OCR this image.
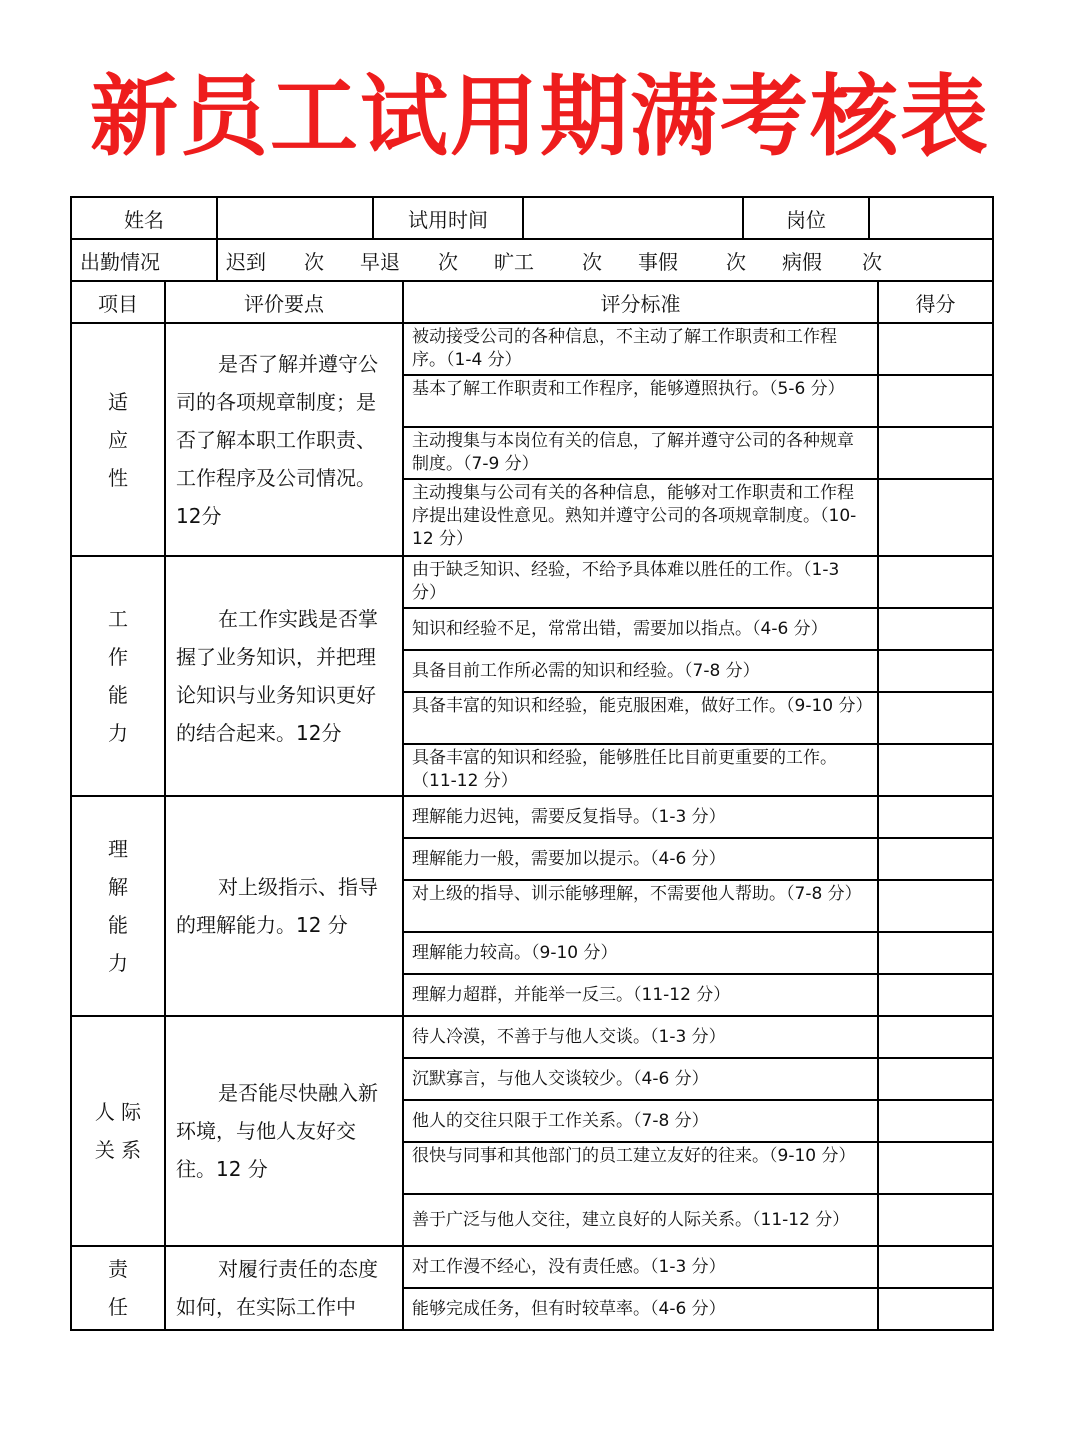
新员工试用期满考核表
姓名		试用时间		岗位	
出勤情况	迟到 次 早退 次 旷工 次 事假 次 病假 次				
项目	评价要点	评分标准	得分

适
应
性	是否了解并遵守公司的各项规章制度；是否了解本职工作职责、工作程序及公司情况。12分	被动接受公司的各种信息，不主动了解工作职责和工作程序。（1-4 分）	
		基本了解工作职责和工作程序，能够遵照执行。（5-6 分）	
		主动搜集与本岗位有关的信息，了解并遵守公司的各种规章制度。（7-9 分）	
		主动搜集与公司有关的各种信息，能够对工作职责和工作程序提出建设性意见。熟知并遵守公司的各项规章制度。（10-12 分）	

工
作
能
力	在工作实践是否掌握了业务知识，并把理论知识与业务知识更好的结合起来。12分	由于缺乏知识、经验，不给予具体难以胜任的工作。（1-3 分）	
		知识和经验不足，常常出错，需要加以指点。（4-6 分）	
		具备目前工作所必需的知识和经验。（7-8 分）	
		具备丰富的知识和经验，能克服困难，做好工作。（9-10 分）	
		具备丰富的知识和经验，能够胜任比目前更重要的工作。（11-12 分）	

理
解
能
力	对上级指示、指导的理解能力。12 分	理解能力迟钝，需要反复指导。（1-3 分）	
		理解能力一般，需要加以提示。（4-6 分）	
		对上级的指导、训示能够理解，不需要他人帮助。（7-8 分）	
		理解能力较高。（9-10 分）	
		理解力超群，并能举一反三。（11-12 分）	

人 际
关 系	是否能尽快融入新环境，与他人友好交往。12 分	待人冷漠，不善于与他人交谈。（1-3 分）	
		沉默寡言，与他人交谈较少。（4-6 分）	
		他人的交往只限于工作关系。（7-8 分）	
		很快与同事和其他部门的员工建立友好的往来。（9-10 分）	
		善于广泛与他人交往，建立良好的人际关系。（11-12 分）	

责
任	对履行责任的态度如何，在实际工作中	对工作漫不经心，没有责任感。（1-3 分）	
		能够完成任务，但有时较草率。（4-6 分）	
